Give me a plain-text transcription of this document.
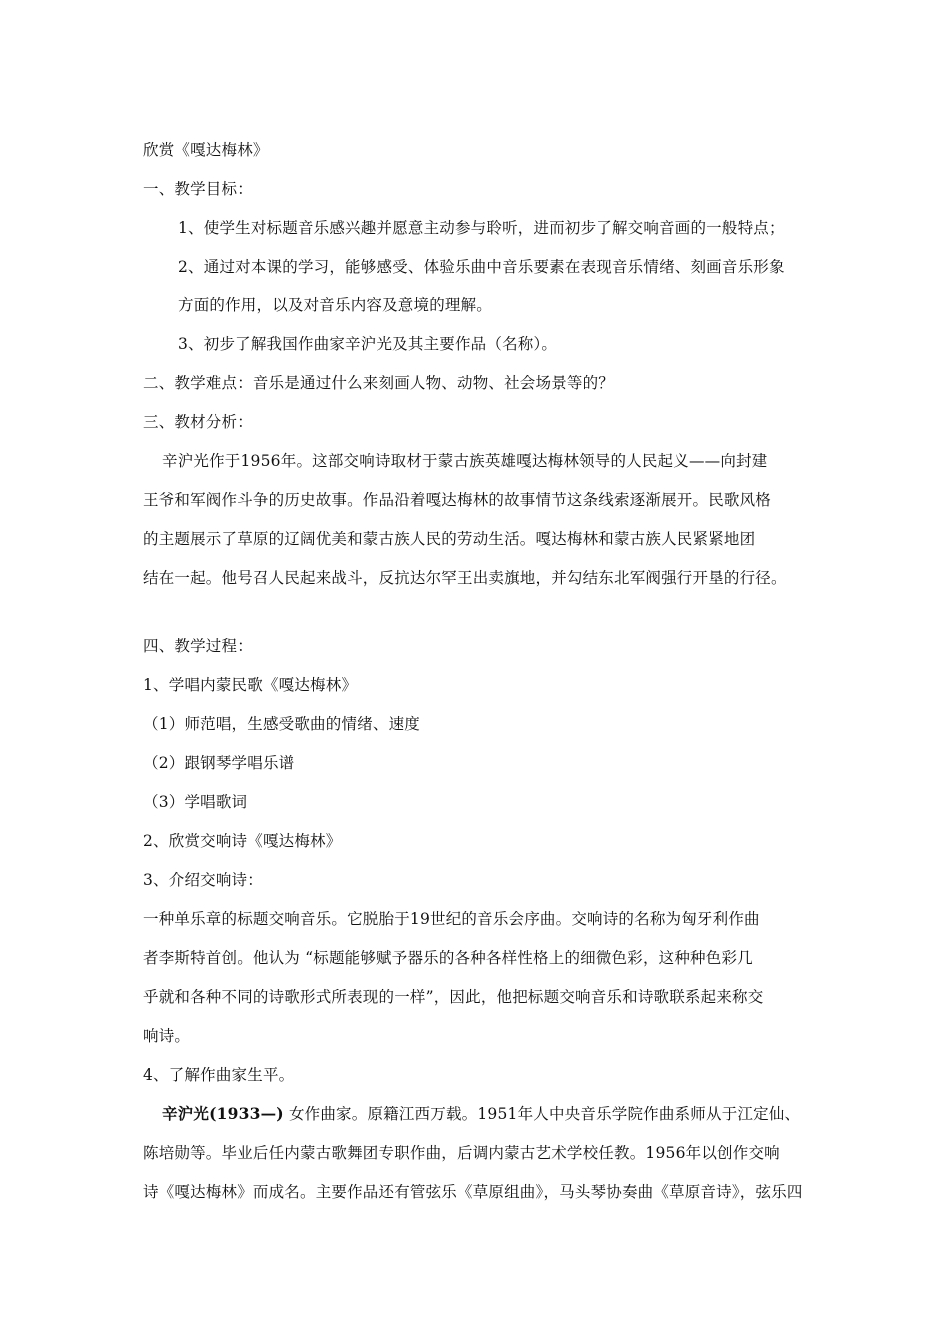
欣赏《嘎达梅林》
一、教学目标：
1、使学生对标题音乐感兴趣并愿意主动参与聆听，进而初步了解交响音画的一般特点；
2、通过对本课的学习，能够感受、体验乐曲中音乐要素在表现音乐情绪、刻画音乐形象
方面的作用，以及对音乐内容及意境的理解。
3、初步了解我国作曲家辛沪光及其主要作品（名称）。
二、教学难点：音乐是通过什么来刻画人物、动物、社会场景等的？
三、教材分析：
辛沪光作于1956年。这部交响诗取材于蒙古族英雄嘎达梅林领导的人民起义——向封建
王爷和军阀作斗争的历史故事。作品沿着嘎达梅林的故事情节这条线索逐渐展开。民歌风格
的主题展示了草原的辽阔优美和蒙古族人民的劳动生活。嘎达梅林和蒙古族人民紧紧地团
结在一起。他号召人民起来战斗，反抗达尔罕王出卖旗地，并勾结东北军阀强行开垦的行径。
四、教学过程：
1、学唱内蒙民歌《嘎达梅林》
（1）师范唱，生感受歌曲的情绪、速度
（2）跟钢琴学唱乐谱
（3）学唱歌词
2、欣赏交响诗《嘎达梅林》
3、介绍交响诗：
一种单乐章的标题交响音乐。它脱胎于19世纪的音乐会序曲。交响诗的名称为匈牙利作曲
者李斯特首创。他认为 “标题能够赋予器乐的各种各样性格上的细微色彩，这种种色彩几
乎就和各种不同的诗歌形式所表现的一样”，因此，他把标题交响音乐和诗歌联系起来称交
响诗。
4、了解作曲家生平。
辛沪光(1933—) 女作曲家。原籍江西万载。1951年人中央音乐学院作曲系师从于江定仙、
陈培勋等。毕业后任内蒙古歌舞团专职作曲，后调内蒙古艺术学校任教。1956年以创作交响
诗《嘎达梅林》而成名。主要作品还有管弦乐《草原组曲》，马头琴协奏曲《草原音诗》，弦乐四
